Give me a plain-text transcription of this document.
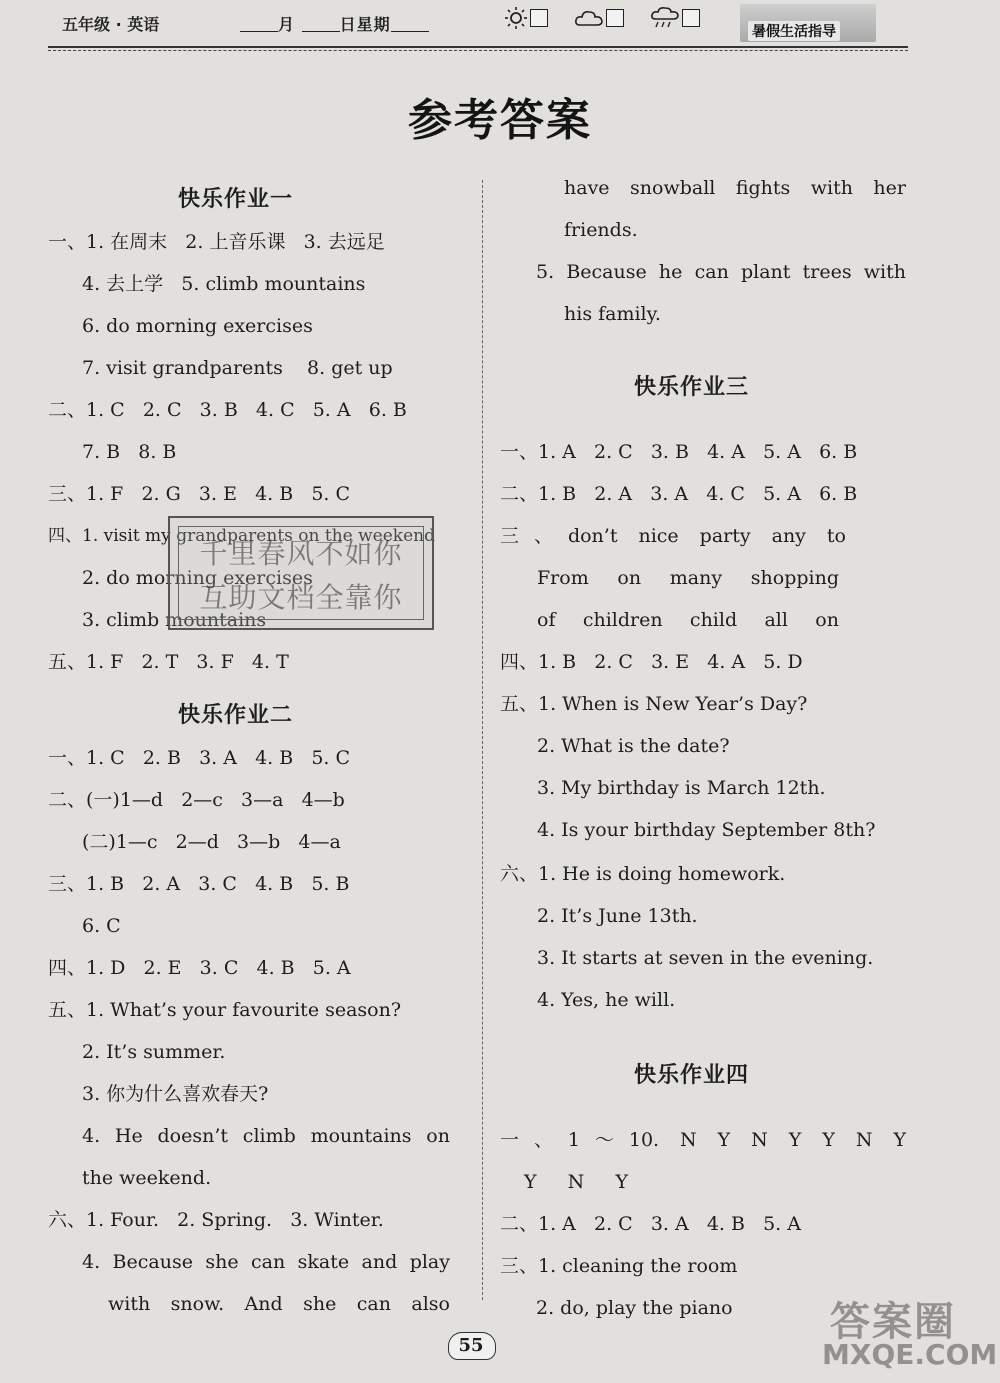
五年级 · 英语	月	日星期	暑假生活指导
参考答案
快乐作业一
一、1. 在周末   2. 上音乐课   3. 去远足
4. 去上学   5. climb mountains
6. do morning exercises
7. visit grandparents    8. get up
二、1. C   2. C   3. B   4. C   5. A   6. B
7. B   8. B
三、1. F   2. G   3. E   4. B   5. C
四、1. visit my grandparents on the weekend
2. do morning exercises
3. climb mountains
五、1. F   2. T   3. F   4. T
千里春风不如你
互助文档全靠你
快乐作业二
一、1. C   2. B   3. A   4. B   5. C
二、(一)1—d   2—c   3—a   4—b
(二)1—c   2—d   3—b   4—a
三、1. B   2. A   3. C   4. B   5. B
6. C
四、1. D   2. E   3. C   4. B   5. A
五、1. What’s your favourite season?
2. It’s summer.
3. 你为什么喜欢春天?
4. He doesn’t climb mountains on
the weekend.
六、1. Four.   2. Spring.   3. Winter.
4. Because she can skate and play
with snow. And she can also
have snowball fights with her
friends.
5. Because he can plant trees with
his family.
快乐作业三
一、1. A   2. C   3. B   4. A   5. A   6. B
二、1. B   2. A   3. A   4. C   5. A   6. B
三、don’t nice party any to
From on many shopping
of children child all on
四、1. B   2. C   3. E   4. A   5. D
五、1. When is New Year’s Day?
2. What is the date?
3. My birthday is March 12th.
4. Is your birthday September 8th?
六、1. He is doing homework.
2. It’s June 13th.
3. It starts at seven in the evening.
4. Yes, he will.
快乐作业四
一、1～10. N Y N Y Y N Y
Y N Y
二、1. A   2. C   3. A   4. B   5. A
三、1. cleaning the room
2. do, play the piano
55
答案圈
MXQE.COM
